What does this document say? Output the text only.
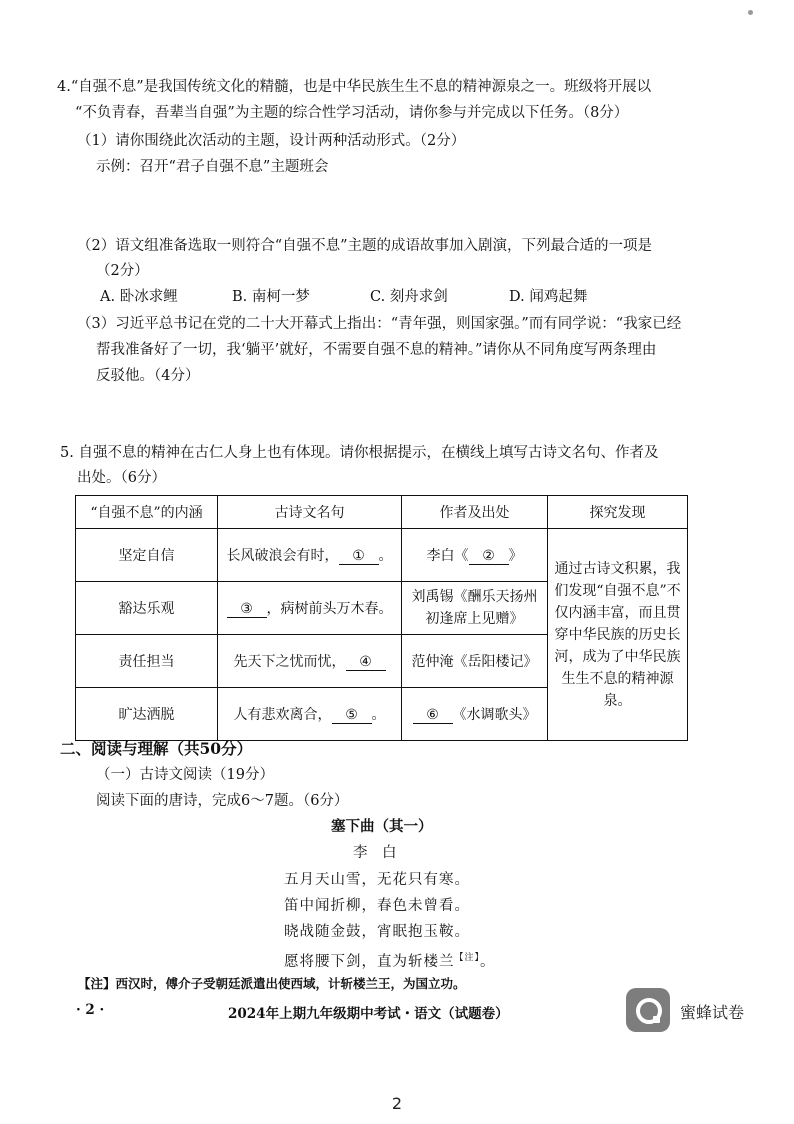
4.“自强不息”是我国传统文化的精髓，也是中华民族生生不息的精神源泉之一。班级将开展以
“不负青春，吾辈当自强”为主题的综合性学习活动，请你参与并完成以下任务。（8分）
（1）请你围绕此次活动的主题，设计两种活动形式。（2分）
示例：召开“君子自强不息”主题班会
（2）语文组准备选取一则符合“自强不息”主题的成语故事加入剧演，下列最合适的一项是
（2分）
A. 卧冰求鲤	B. 南柯一梦	C. 刻舟求剑	D. 闻鸡起舞
（3）习近平总书记在党的二十大开幕式上指出：“青年强，则国家强。”而有同学说：“我家已经
帮我准备好了一切，我‘躺平’就好，不需要自强不息的精神。”请你从不同角度写两条理由
反驳他。（4分）
5. 自强不息的精神在古仁人身上也有体现。请你根据提示，在横线上填写古诗文名句、作者及
出处。（6分）
“自强不息”的内涵	古诗文名句	作者及出处	探究发现
坚定自信	长风破浪会有时， ① 。	李白《 ② 》	通过古诗文积累，我们发现“自强不息”不仅内涵丰富，而且贯穿中华民族的历史长河，成为了中华民族生生不息的精神源泉。
豁达乐观	③ ，病树前头万木春。	刘禹锡《酬乐天扬州
初逢席上见赠》	

责任担当	先天下之忧而忧， ④	范仲淹《岳阳楼记》	
旷达洒脱	人有悲欢离合， ⑤ 。	⑥ 《水调歌头》	
二、阅读与理解（共50分）
（一）古诗文阅读（19分）
阅读下面的唐诗，完成6～7题。（6分）
塞下曲（其一）
李　白
五月天山雪，无花只有寒。
笛中闻折柳，春色未曾看。
晓战随金鼓，宵眠抱玉鞍。
愿将腰下剑，直为斩楼兰$^{【注】}$。
【注】西汉时，傅介子受朝廷派遣出使西域，计斩楼兰王，为国立功。
· 2 ·	2024年上期九年级期中考试・语文（试题卷）	蜜蜂试卷
2
